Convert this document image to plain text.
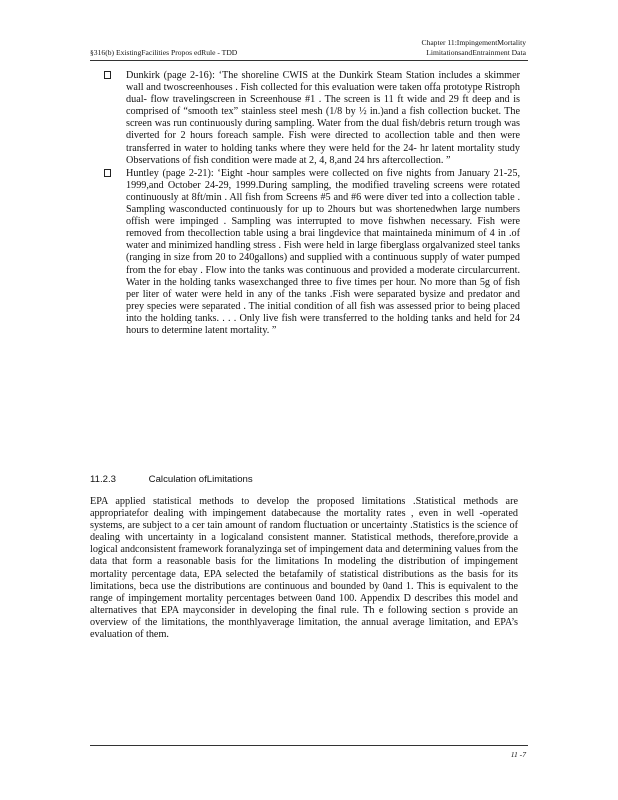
Chapter 11:ImpingementMortality
LimitationsandEntrainment Data
§316(b) ExistingFacilities Propos edRule - TDD
Dunkirk (page 2-16): ‘The shoreline CWIS at the Dunkirk Steam Station includes a skimmer wall and twoscreenhouses . Fish collected for this evaluation were taken offa prototype Ristroph dual- flow travelingscreen in Screenhouse #1 . The screen is 11 ft wide and 29 ft deep and is comprised of “smooth tex” stainless steel mesh (1/8 by ½ in.)and a fish collection bucket. The screen was run continuously during sampling. Water from the dual fish/debris return trough was diverted for 2 hours foreach sample. Fish were directed to acollection table and then were transferred in water to holding tanks where they were held for the 24- hr latent mortality study Observations of fish condition were made at 2, 4, 8,and 24 hrs aftercollection. ”
Huntley (page 2-21): ‘Eight -hour samples were collected on five nights from January 21-25, 1999,and October 24-29, 1999.During sampling, the modified traveling screens were rotated continuously at 8ft/min . All fish from Screens #5 and #6 were diver ted into a collection table . Sampling wasconducted continuously for up to 2hours but was shortenedwhen large numbers offish were impinged . Sampling was interrupted to move fishwhen necessary. Fish were removed from thecollection table using a brai lingdevice that maintaineda minimum of 4 in .of water and minimized handling stress . Fish were held in large fiberglass orgalvanized steel tanks (ranging in size from 20 to 240gallons) and supplied with a continuous supply of water pumped from the for ebay . Flow into the tanks was continuous and provided a moderate circularcurrent. Water in the holding tanks wasexchanged three to five times per hour. No more than 5g of fish per liter of water were held in any of the tanks .Fish were separated bysize and predator and prey species were separated . The initial condition of all fish was assessed prior to being placed into the holding tanks. . . . Only live fish were transferred to the holding tanks and held for 24 hours to determine latent mortality. ”
11.2.3	Calculation ofLimitations
EPA applied statistical methods to develop the proposed limitations .Statistical methods are appropriatefor dealing with impingement databecause the mortality rates , even in well -operated systems, are subject to a cer tain amount of random fluctuation or uncertainty .Statistics is the science of dealing with uncertainty in a logicaland consistent manner. Statistical methods, therefore,provide a logical andconsistent framework foranalyzinga set of impingement data and determining values from the data that form a reasonable basis for the limitations In modeling the distribution of impingement mortality percentage data, EPA selected the betafamily of statistical distributions as the basis for its limitations, beca use the distributions are continuous and bounded by 0and 1. This is equivalent to the range of impingement mortality percentages between 0and 100. Appendix D describes this model and alternatives that EPA mayconsider in developing the final rule. Th e following section s provide an overview of the limitations, the monthlyaverage limitation, the annual average limitation, and EPA’s evaluation of them.
11 -7
